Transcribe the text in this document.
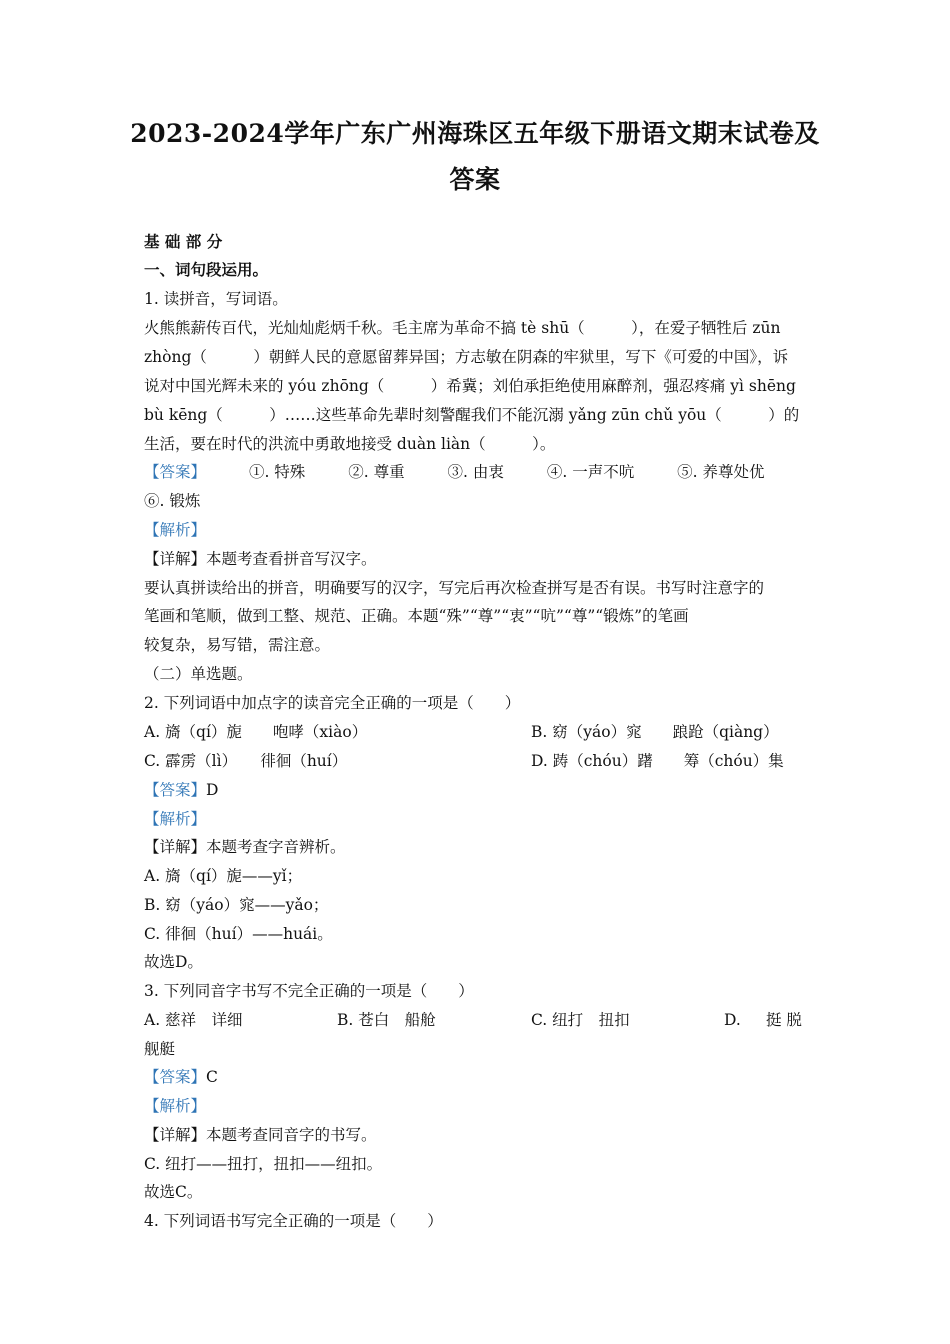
2023-2024学年广东广州海珠区五年级下册语文期末试卷及
答案
基 础 部 分
一、词句段运用。
1. 读拼音，写词语。
火熊熊薪传百代，光灿灿彪炳千秋。毛主席为革命不搞 tè shū（　　　），在爱子牺牲后 zūn
zhòng（　　　）朝鲜人民的意愿留葬异国；方志敏在阴森的牢狱里，写下《可爱的中国》，诉
说对中国光辉未来的 yóu zhōng（　　　）希冀；刘伯承拒绝使用麻醉剂，强忍疼痛 yì shēng
bù kēng（　　　）……这些革命先辈时刻警醒我们不能沉溺 yǎng zūn chǔ yōu（　　　）的
生活，要在时代的洪流中勇敢地接受 duàn liàn（　　　）。
【答案】	①. 特殊	②. 尊重	③. 由衷	④. 一声不吭	⑤. 养尊处优
⑥. 锻炼
【解析】
【详解】本题考查看拼音写汉字。
要认真拼读给出的拼音，明确要写的汉字，写完后再次检查拼写是否有误。书写时注意字的
笔画和笔顺，做到工整、规范、正确。本题“殊”“尊”“衷”“吭”“尊”“锻炼”的笔画
较复杂，易写错，需注意。
（二）单选题。
2. 下列词语中加点字的读音完全正确的一项是（　　）
A. 旖（qí）旎　　咆哮（xiào）	B. 窈（yáo）窕　　踉跄（qiàng）
C. 霹雳（lì）　　徘徊（huí）	D. 踌（chóu）躇　　筹（chóu）集
【答案】D
【解析】
【详解】本题考查字音辨析。
A. 旖（qí）旎——yǐ；
B. 窈（yáo）窕——yǎo；
C. 徘徊（huí）——huái。
故选D。
3. 下列同音字书写不完全正确的一项是（　　）
A. 慈祥　详细	B. 苍白　船舱	C. 纽打　扭扣	D. 挺 脱
舰艇
【答案】C
【解析】
【详解】本题考查同音字的书写。
C. 纽打——扭打，扭扣——纽扣。
故选C。
4. 下列词语书写完全正确的一项是（　　）
